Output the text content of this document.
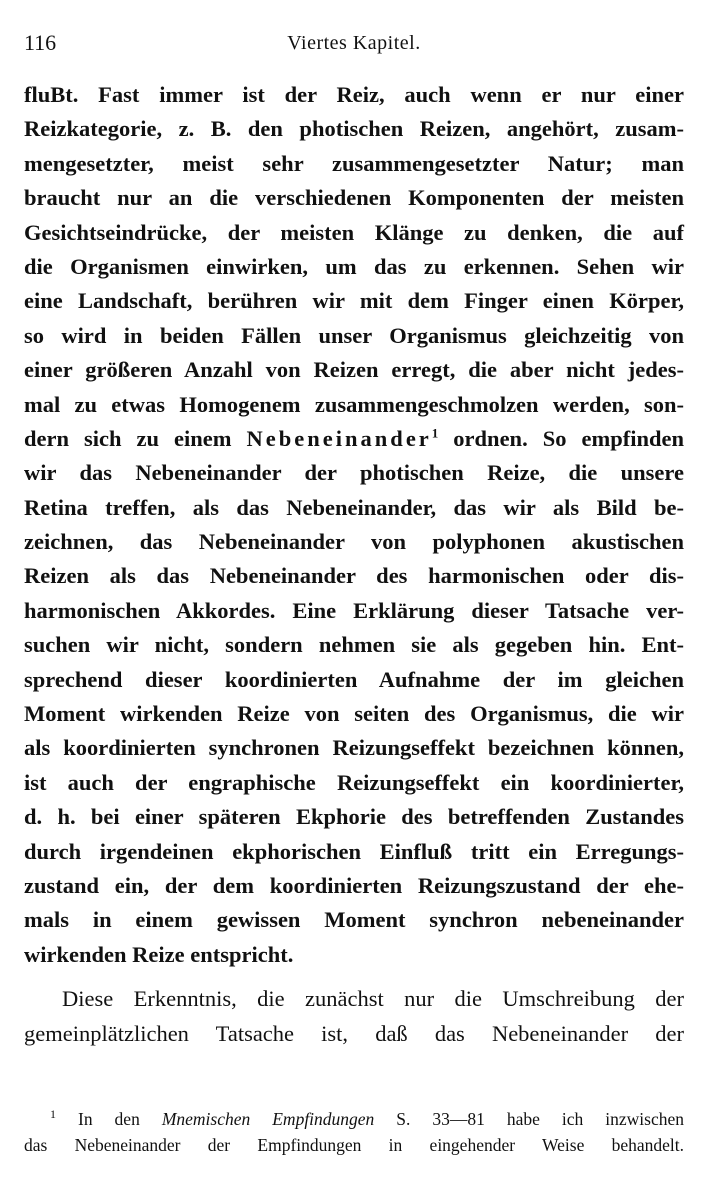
116	Viertes Kapitel.
fluBt. Fast immer ist der Reiz, auch wenn er nur einer
Reizkategorie, z. B. den photischen Reizen, angehört, zusam-
mengesetzter, meist sehr zusammengesetzter Natur; man
braucht nur an die verschiedenen Komponenten der meisten
Gesichtseindrücke, der meisten Klänge zu denken, die auf
die Organismen einwirken, um das zu erkennen. Sehen wir
eine Landschaft, berühren wir mit dem Finger einen Körper,
so wird in beiden Fällen unser Organismus gleichzeitig von
einer größeren Anzahl von Reizen erregt, die aber nicht jedes-
mal zu etwas Homogenem zusammengeschmolzen werden, son-
dern sich zu einem Nebeneinander$^1$ ordnen. So empfinden
wir das Nebeneinander der photischen Reize, die unsere
Retina treffen, als das Nebeneinander, das wir als Bild be-
zeichnen, das Nebeneinander von polyphonen akustischen
Reizen als das Nebeneinander des harmonischen oder dis-
harmonischen Akkordes. Eine Erklärung dieser Tatsache ver-
suchen wir nicht, sondern nehmen sie als gegeben hin. Ent-
sprechend dieser koordinierten Aufnahme der im gleichen
Moment wirkenden Reize von seiten des Organismus, die wir
als koordinierten synchronen Reizungseffekt bezeichnen können,
ist auch der engraphische Reizungseffekt ein koordinierter,
d. h. bei einer späteren Ekphorie des betreffenden Zustandes
durch irgendeinen ekphorischen Einfluß tritt ein Erregungs-
zustand ein, der dem koordinierten Reizungszustand der ehe-
mals in einem gewissen Moment synchron nebeneinander
wirkenden Reize entspricht.
Diese Erkenntnis, die zunächst nur die Umschreibung der
gemeinplätzlichen Tatsache ist, daß das Nebeneinander der
$^1$ In den Mnemischen Empfindungen S. 33—81 habe ich inzwischen
das Nebeneinander der Empfindungen in eingehender Weise behandelt.
